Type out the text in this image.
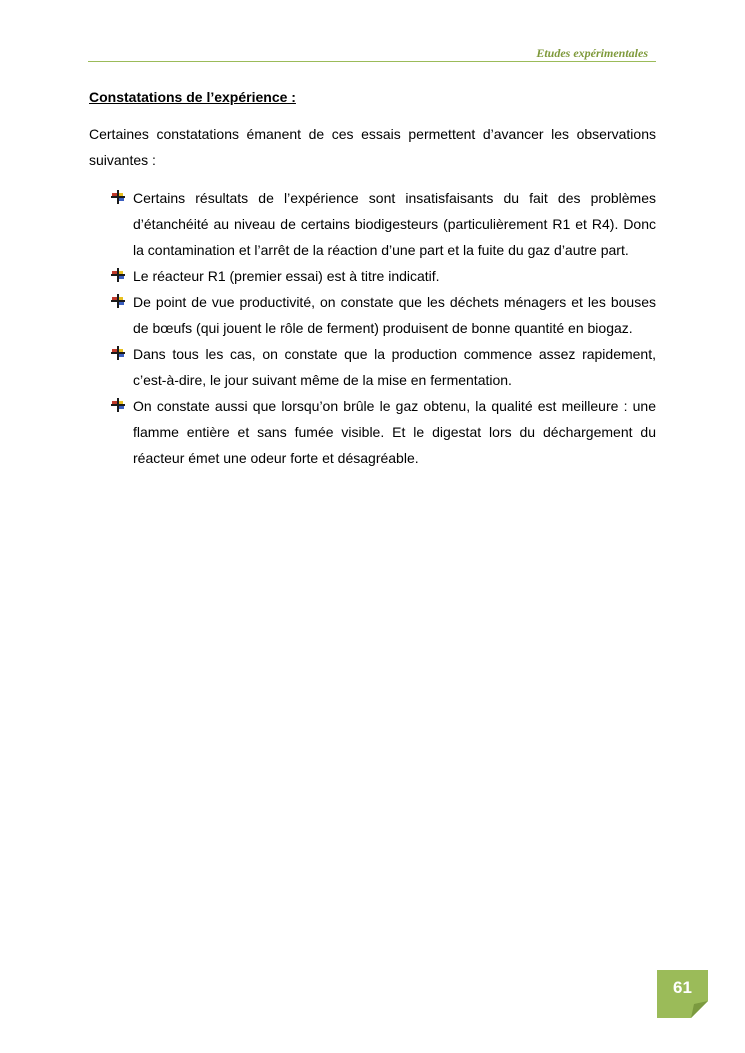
Etudes expérimentales

Constatations de l’expérience :

Certaines constatations émanent de ces essais permettent d’avancer les observations suivantes :

Certains résultats de l’expérience sont insatisfaisants du fait des problèmes d’étanchéité au niveau de certains biodigesteurs (particulièrement R1 et R4). Donc la contamination et l’arrêt de la réaction d’une part et la fuite du gaz d’autre part.
Le réacteur R1 (premier essai) est à titre indicatif.
De point de vue productivité, on constate que les déchets ménagers et les bouses de bœufs (qui jouent le rôle de ferment) produisent de bonne quantité en biogaz.
Dans tous les cas, on constate que la production commence assez rapidement, c’est-à-dire, le jour suivant même de la mise en fermentation.
On constate aussi que lorsqu’on brûle le gaz obtenu, la qualité est meilleure : une flamme entière et sans fumée visible. Et le digestat lors du déchargement du réacteur émet une odeur forte et désagréable.
61
